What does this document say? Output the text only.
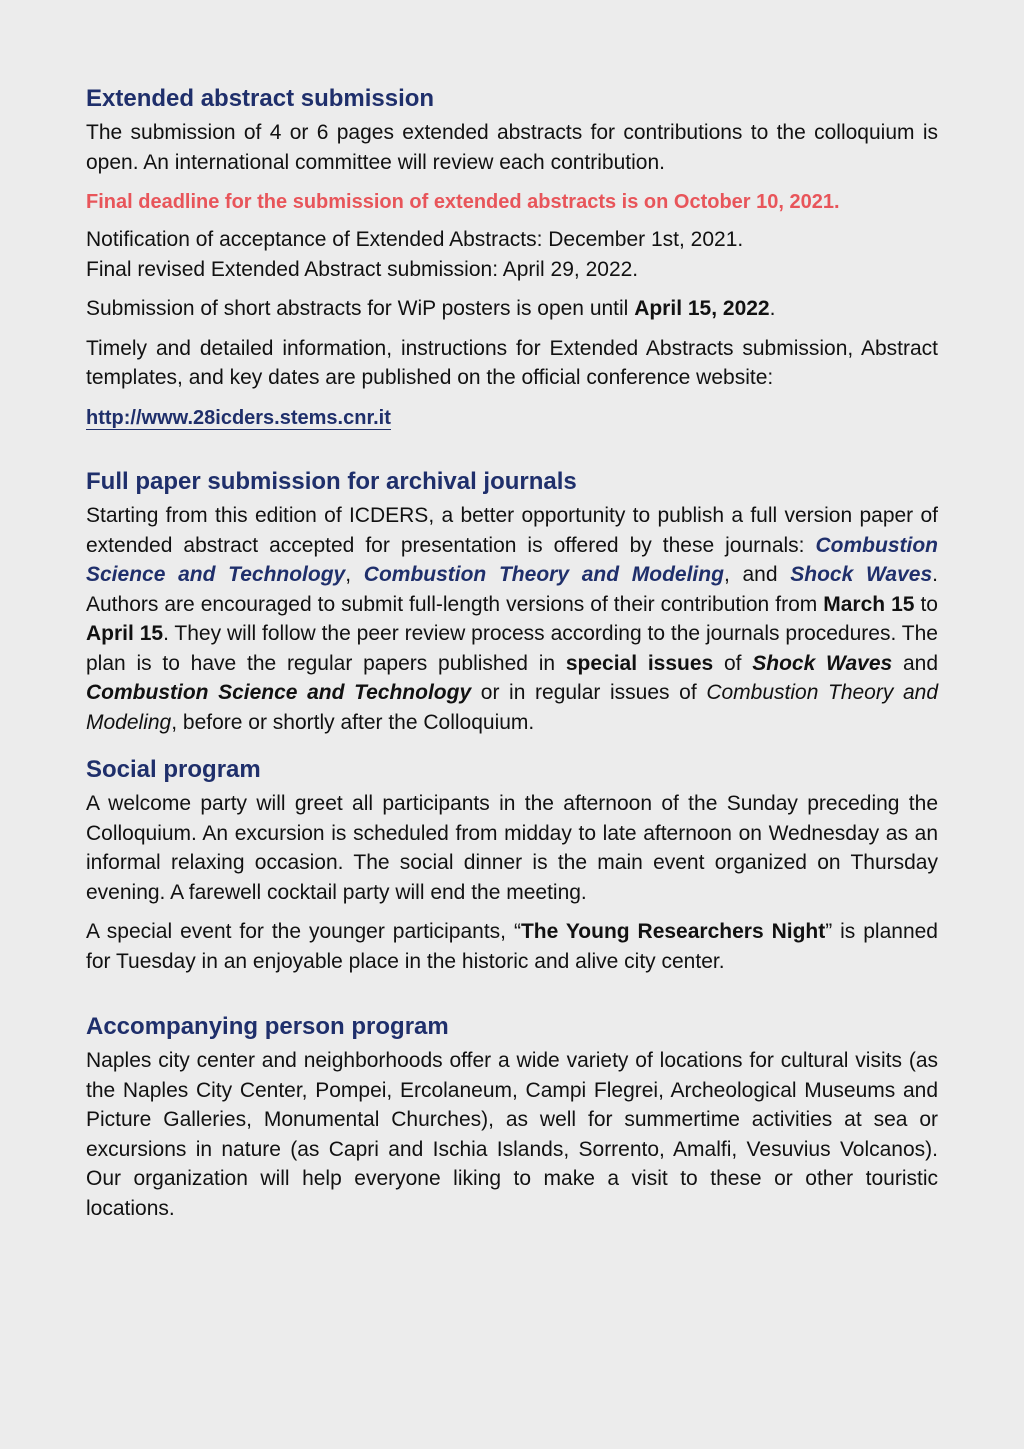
Extended abstract submission

The submission of 4 or 6 pages extended abstracts for contributions to the colloquium is open. An international committee will review each contribution.

Final deadline for the submission of extended abstracts is on October 10, 2021.

Notification of acceptance of Extended Abstracts: December 1st, 2021.
Final revised Extended Abstract submission: April 29, 2022.

Submission of short abstracts for WiP posters is open until April 15, 2022.

Timely and detailed information, instructions for Extended Abstracts submission, Abstract templates, and key dates are published on the official conference website:

http://www.28icders.stems.cnr.it

Full paper submission for archival journals

Starting from this edition of ICDERS, a better opportunity to publish a full version paper of extended abstract accepted for presentation is offered by these journals: Combustion Science and Technology, Combustion Theory and Modeling, and Shock Waves. Authors are encouraged to submit full-length versions of their contribution from March 15 to April 15. They will follow the peer review process according to the journals procedures. The plan is to have the regular papers published in special issues of Shock Waves and Combustion Science and Technology or in regular issues of Combustion Theory and Modeling, before or shortly after the Colloquium.

Social program

A welcome party will greet all participants in the afternoon of the Sunday preceding the Colloquium. An excursion is scheduled from midday to late afternoon on Wednesday as an informal relaxing occasion. The social dinner is the main event organized on Thursday evening. A farewell cocktail party will end the meeting.

A special event for the younger participants, “The Young Researchers Night” is planned for Tuesday in an enjoyable place in the historic and alive city center.

Accompanying person program

Naples city center and neighborhoods offer a wide variety of locations for cultural visits (as the Naples City Center, Pompei, Ercolaneum, Campi Flegrei, Archeological Museums and Picture Galleries, Monumental Churches), as well for summertime activities at sea or excursions in nature (as Capri and Ischia Islands, Sorrento, Amalfi, Vesuvius Volcanos). Our organization will help everyone liking to make a visit to these or other touristic locations.
